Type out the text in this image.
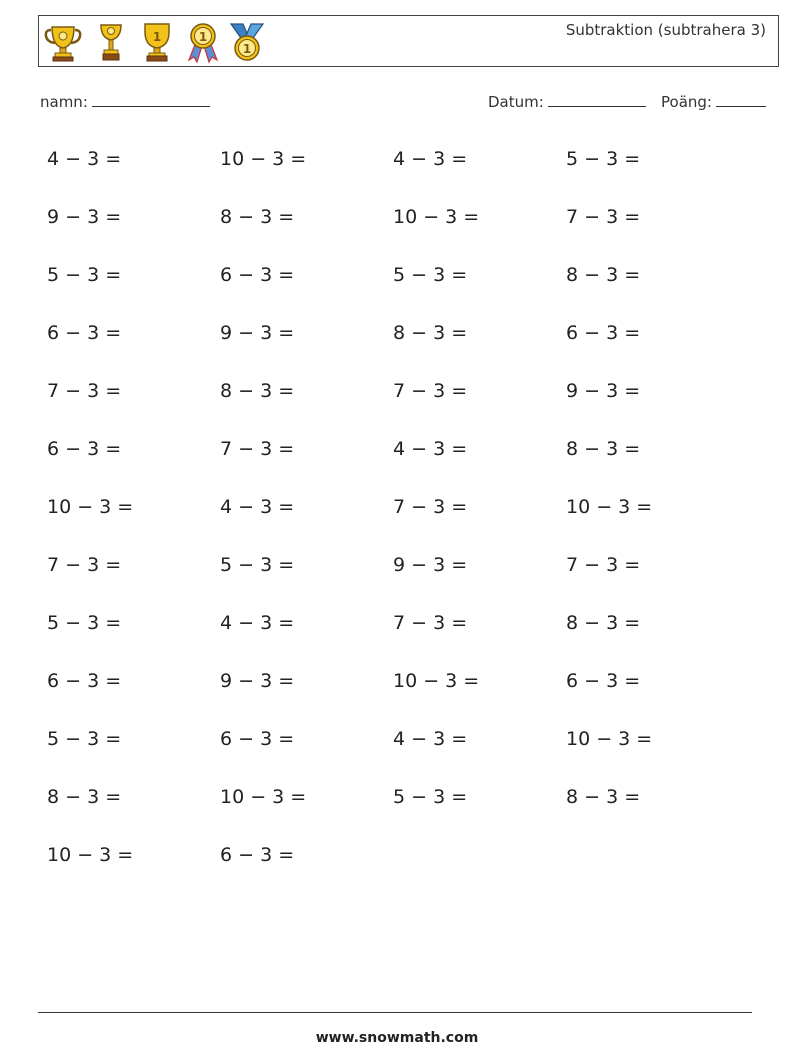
1	1
1
Subtraktion (subtrahera 3)
namn:	Datum:	Poäng:
4 − 3 =	10 − 3 =	4 − 3 =	5 − 3 =
9 − 3 =	8 − 3 =	10 − 3 =	7 − 3 =
5 − 3 =	6 − 3 =	5 − 3 =	8 − 3 =
6 − 3 =	9 − 3 =	8 − 3 =	6 − 3 =
7 − 3 =	8 − 3 =	7 − 3 =	9 − 3 =
6 − 3 =	7 − 3 =	4 − 3 =	8 − 3 =
10 − 3 =	4 − 3 =	7 − 3 =	10 − 3 =
7 − 3 =	5 − 3 =	9 − 3 =	7 − 3 =
5 − 3 =	4 − 3 =	7 − 3 =	8 − 3 =
6 − 3 =	9 − 3 =	10 − 3 =	6 − 3 =
5 − 3 =	6 − 3 =	4 − 3 =	10 − 3 =
8 − 3 =	10 − 3 =	5 − 3 =	8 − 3 =
10 − 3 =	6 − 3 =
www.snowmath.com
